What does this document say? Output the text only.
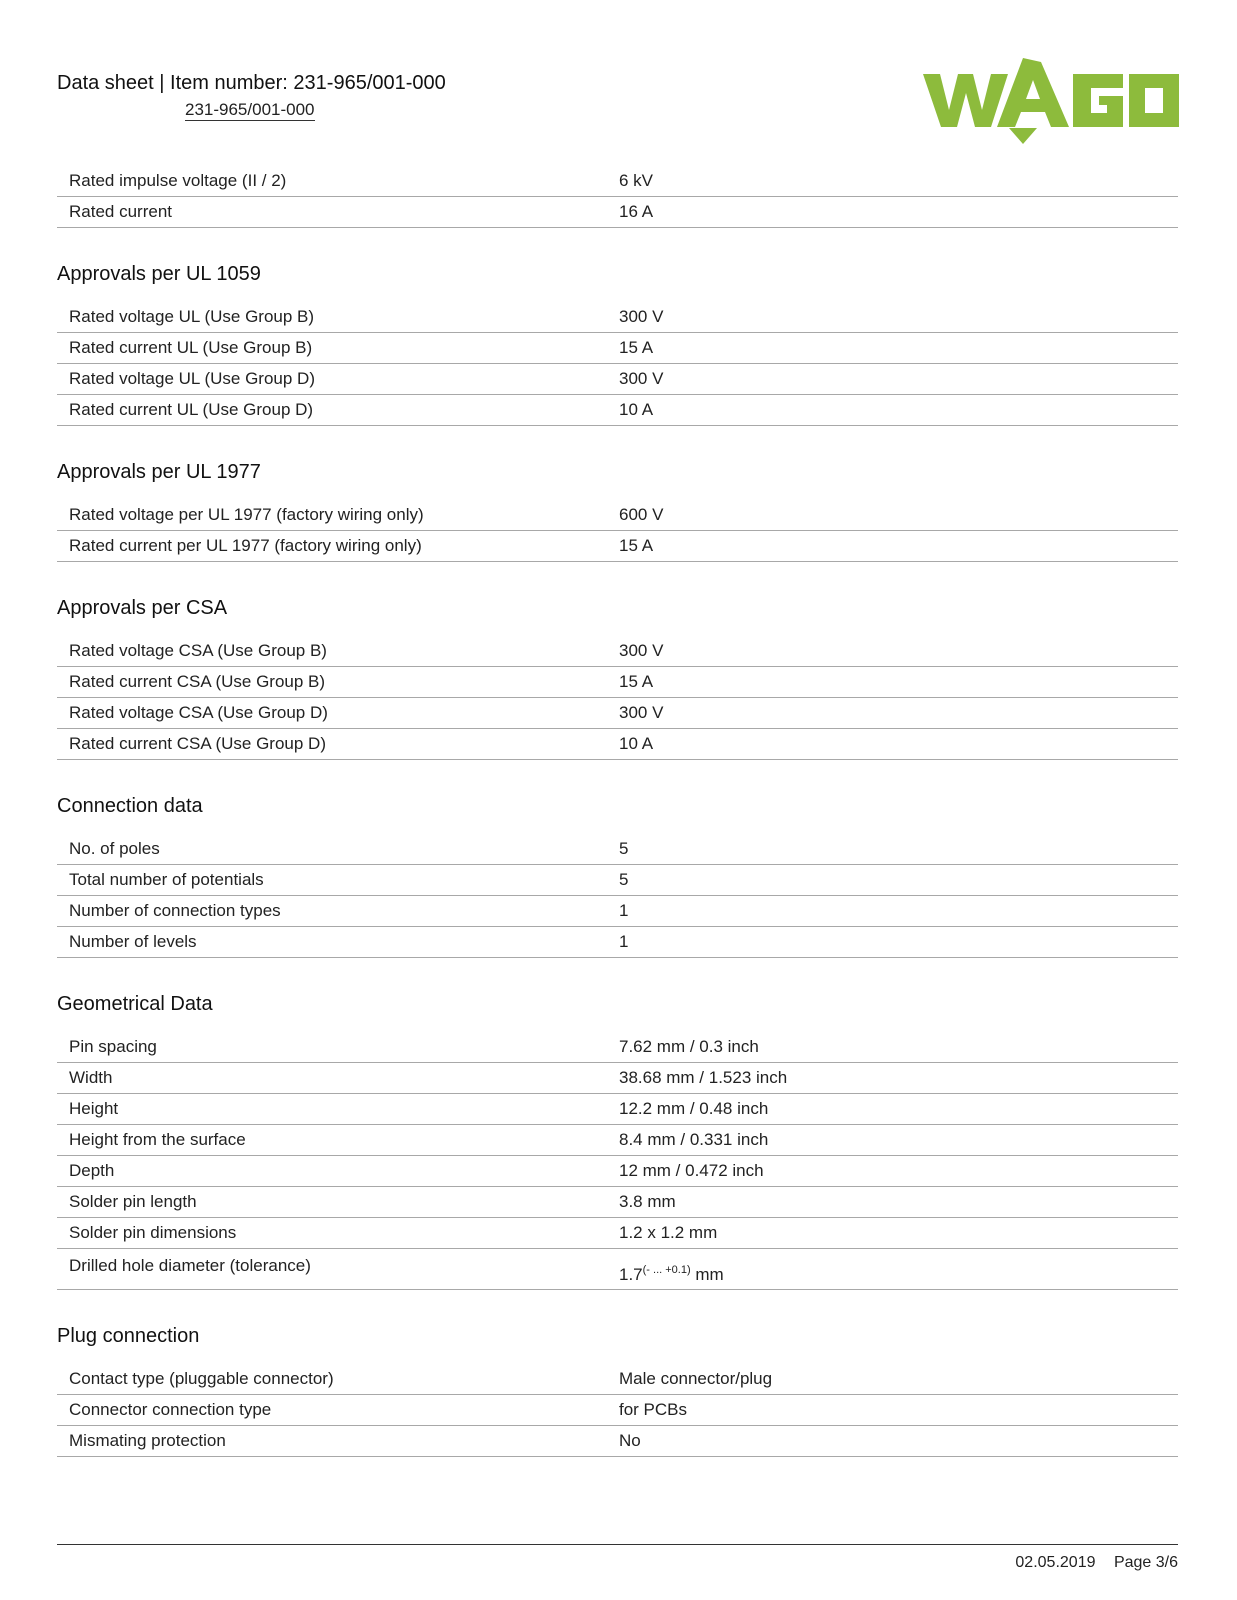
Data sheet | Item number: 231-965/001-000
231-965/001-000
Rated impulse voltage (II / 2)	6 kV
Rated current	16 A
Approvals per UL 1059
Rated voltage UL (Use Group B)	300 V
Rated current UL (Use Group B)	15 A
Rated voltage UL (Use Group D)	300 V
Rated current UL (Use Group D)	10 A
Approvals per UL 1977
Rated voltage per UL 1977 (factory wiring only)	600 V
Rated current per UL 1977 (factory wiring only)	15 A
Approvals per CSA
Rated voltage CSA (Use Group B)	300 V
Rated current CSA (Use Group B)	15 A
Rated voltage CSA (Use Group D)	300 V
Rated current CSA (Use Group D)	10 A
Connection data
No. of poles	5
Total number of potentials	5
Number of connection types	1
Number of levels	1
Geometrical Data
Pin spacing	7.62 mm / 0.3 inch
Width	38.68 mm / 1.523 inch
Height	12.2 mm / 0.48 inch
Height from the surface	8.4 mm / 0.331 inch
Depth	12 mm / 0.472 inch
Solder pin length	3.8 mm
Solder pin dimensions	1.2 x 1.2 mm
Drilled hole diameter (tolerance)	$1.7^{(- ... +0.1)}$ mm
Plug connection
Contact type (pluggable connector)	Male connector/plug
Connector connection type	for PCBs
Mismating protection	No
02.05.2019 Page 3/6
